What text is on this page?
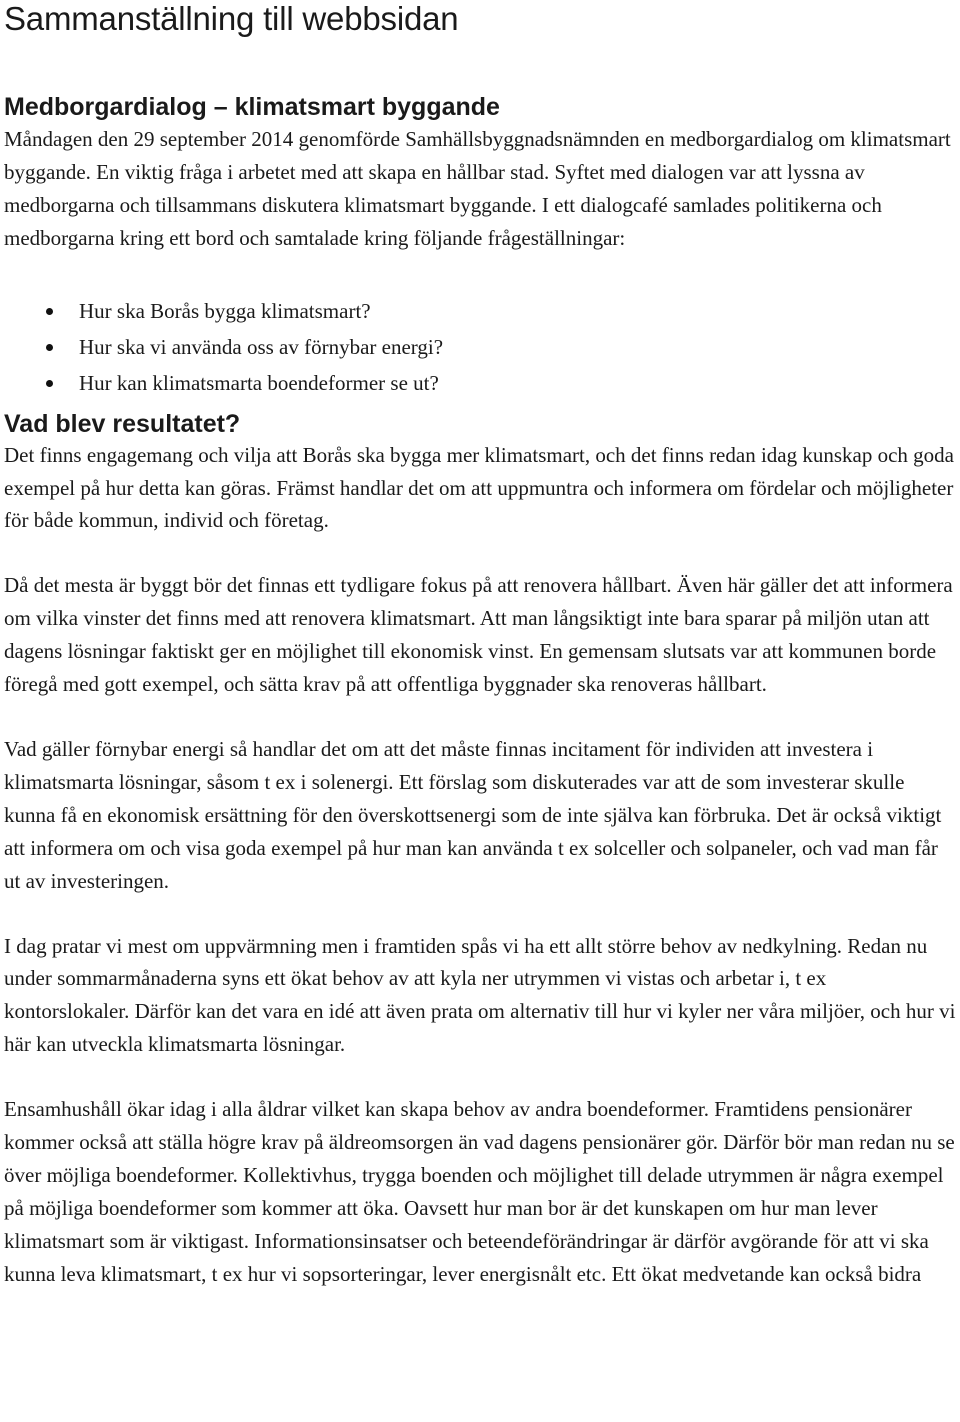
Sammanställning till webbsidan
Medborgardialog – klimatsmart byggande

Måndagen den 29 september 2014 genomförde Samhällsbyggnadsnämnden en medborgardialog om klimatsmart byggande. En viktig fråga i arbetet med att skapa en hållbar stad. Syftet med dialogen var att lyssna av medborgarna och tillsammans diskutera klimatsmart byggande. I ett dialogcafé samlades politikerna och medborgarna kring ett bord och samtalade kring följande frågeställningar:

Hur ska Borås bygga klimatsmart?
Hur ska vi använda oss av förnybar energi?
Hur kan klimatsmarta boendeformer se ut?
Vad blev resultatet?

Det finns engagemang och vilja att Borås ska bygga mer klimatsmart, och det finns redan idag kunskap och goda exempel på hur detta kan göras. Främst handlar det om att uppmuntra och informera om fördelar och möjligheter för både kommun, individ och företag.

Då det mesta är byggt bör det finnas ett tydligare fokus på att renovera hållbart. Även här gäller det att informera om vilka vinster det finns med att renovera klimatsmart. Att man långsiktigt inte bara sparar på miljön utan att dagens lösningar faktiskt ger en möjlighet till ekonomisk vinst. En gemensam slutsats var att kommunen borde föregå med gott exempel, och sätta krav på att offentliga byggnader ska renoveras hållbart.

Vad gäller förnybar energi så handlar det om att det måste finnas incitament för individen att investera i klimatsmarta lösningar, såsom t ex i solenergi. Ett förslag som diskuterades var att de som investerar skulle kunna få en ekonomisk ersättning för den överskottsenergi som de inte själva kan förbruka. Det är också viktigt att informera om och visa goda exempel på hur man kan använda t ex solceller och solpaneler, och vad man får ut av investeringen.

I dag pratar vi mest om uppvärmning men i framtiden spås vi ha ett allt större behov av nedkylning. Redan nu under sommarmånaderna syns ett ökat behov av att kyla ner utrymmen vi vistas och arbetar i, t ex kontorslokaler. Därför kan det vara en idé att även prata om alternativ till hur vi kyler ner våra miljöer, och hur vi här kan utveckla klimatsmarta lösningar.

Ensamhushåll ökar idag i alla åldrar vilket kan skapa behov av andra boendeformer. Framtidens pensionärer kommer också att ställa högre krav på äldreomsorgen än vad dagens pensionärer gör. Därför bör man redan nu se över möjliga boendeformer. Kollektivhus, trygga boenden och möjlighet till delade utrymmen är några exempel på möjliga boendeformer som kommer att öka. Oavsett hur man bor är det kunskapen om hur man lever klimatsmart som är viktigast. Informationsinsatser och beteendeförändringar är därför avgörande för att vi ska kunna leva klimatsmart, t ex hur vi sopsorteringar, lever energisnålt etc. Ett ökat medvetande kan också bidra
